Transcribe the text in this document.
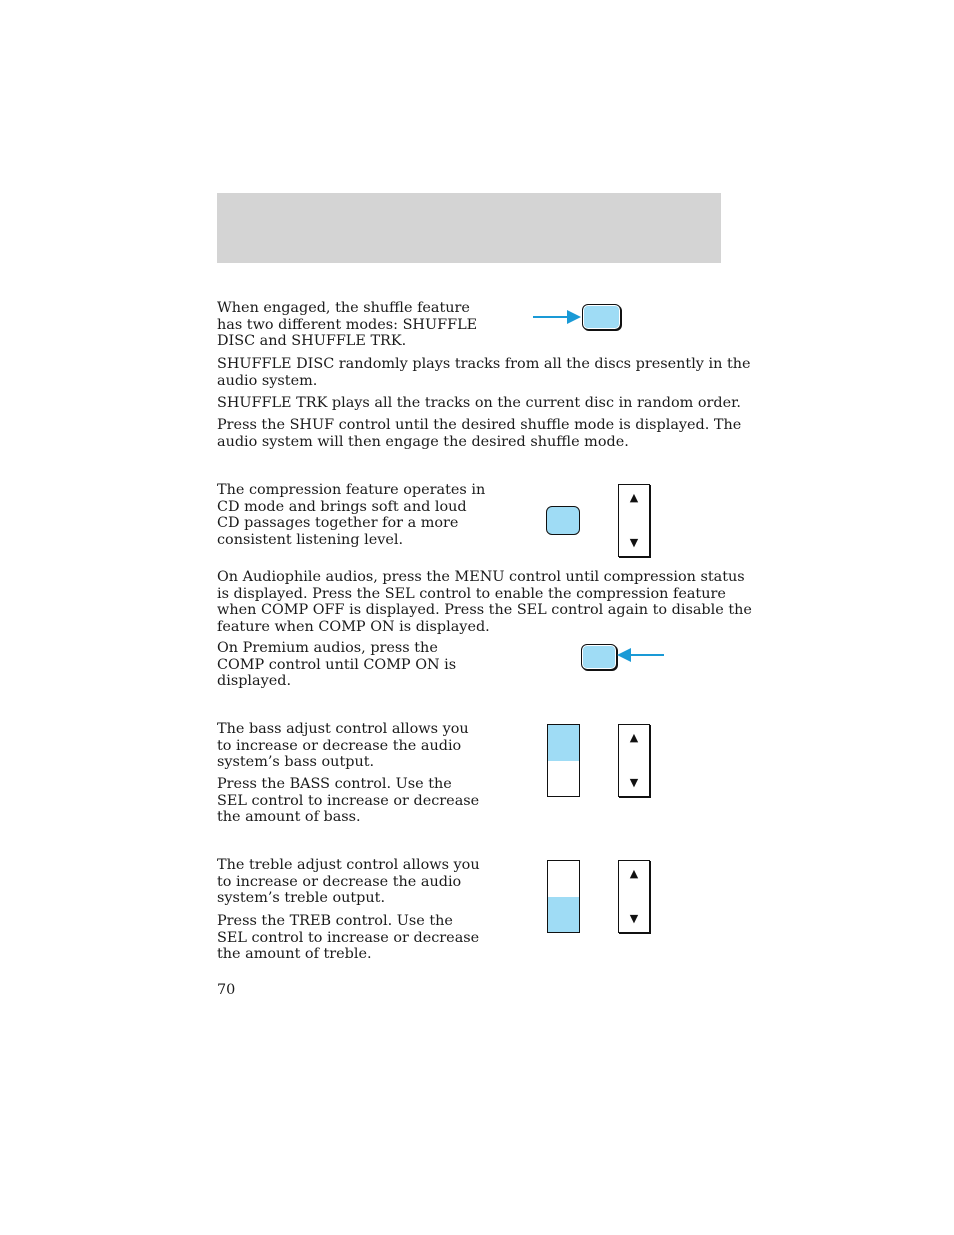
When engaged, the shuffle feature
has two different modes: SHUFFLE
DISC and SHUFFLE TRK.

SHUFFLE DISC randomly plays tracks from all the discs presently in the
audio system.

SHUFFLE TRK plays all the tracks on the current disc in random order.

Press the SHUF control until the desired shuffle mode is displayed. The
audio system will then engage the desired shuffle mode.

The compression feature operates in
CD mode and brings soft and loud
CD passages together for a more
consistent listening level.

▲
▼

On Audiophile audios, press the MENU control until compression status
is displayed. Press the SEL control to enable the compression feature
when COMP OFF is displayed. Press the SEL control again to disable the
feature when COMP ON is displayed.

On Premium audios, press the
COMP control until COMP ON is
displayed.

The bass adjust control allows you
to increase or decrease the audio
system’s bass output.

Press the BASS control. Use the
SEL control to increase or decrease
the amount of bass.

▲
▼

The treble adjust control allows you
to increase or decrease the audio
system’s treble output.

Press the TREB control. Use the
SEL control to increase or decrease
the amount of treble.

▲
▼

70
